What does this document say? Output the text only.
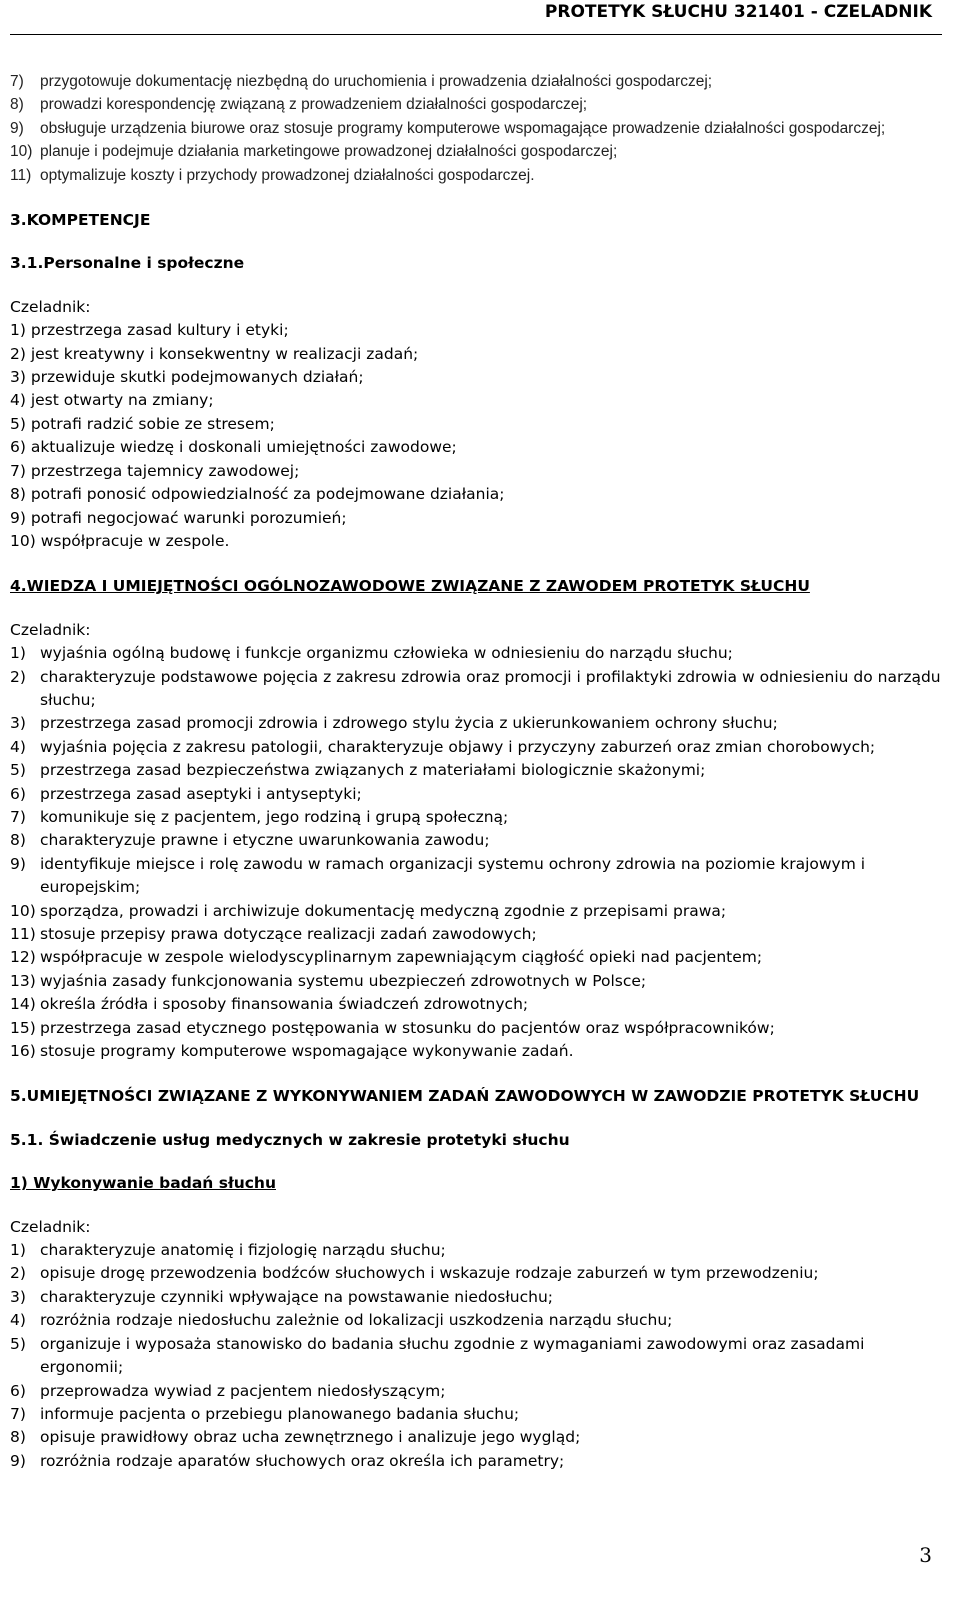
PROTETYK SŁUCHU 321401 - CZELADNIK
7)	przygotowuje dokumentację niezbędną do uruchomienia i prowadzenia działalności gospodarczej;
8)	prowadzi korespondencję związaną z prowadzeniem działalności gospodarczej;
9)	obsługuje urządzenia biurowe oraz stosuje programy komputerowe wspomagające prowadzenie działalności gospodarczej;
10) planuje i podejmuje działania marketingowe prowadzonej działalności gospodarczej;
11) optymalizuje koszty i przychody prowadzonej działalności gospodarczej.

3.KOMPETENCJE

3.1.Personalne i społeczne

Czeladnik:

1) przestrzega zasad kultury i etyki;

2) jest kreatywny i konsekwentny w realizacji zadań;

3) przewiduje skutki podejmowanych działań;

4) jest otwarty na zmiany;

5) potrafi radzić sobie ze stresem;

6) aktualizuje wiedzę i doskonali umiejętności zawodowe;

7) przestrzega tajemnicy zawodowej;

8) potrafi ponosić odpowiedzialność za podejmowane działania;

9) potrafi negocjować warunki porozumień;

10) współpracuje w zespole.

4.WIEDZA I UMIEJĘTNOŚCI OGÓLNOZAWODOWE ZWIĄZANE Z ZAWODEM PROTETYK SŁUCHU

Czeladnik:

1) wyjaśnia ogólną budowę i funkcje organizmu człowieka w odniesieniu do narządu słuchu;
2) charakteryzuje podstawowe pojęcia z zakresu zdrowia oraz promocji i profilaktyki zdrowia w odniesieniu do narządu słuchu;
3) przestrzega zasad promocji zdrowia i zdrowego stylu życia z ukierunkowaniem ochrony słuchu;
4) wyjaśnia pojęcia z zakresu patologii, charakteryzuje objawy i przyczyny zaburzeń oraz zmian chorobowych;
5) przestrzega zasad bezpieczeństwa związanych z materiałami biologicznie skażonymi;
6) przestrzega zasad aseptyki i antyseptyki;
7) komunikuje się z pacjentem, jego rodziną i grupą społeczną;
8) charakteryzuje prawne i etyczne uwarunkowania zawodu;
9) identyfikuje miejsce i rolę zawodu w ramach organizacji systemu ochrony zdrowia na poziomie krajowym i europejskim;
10) sporządza, prowadzi i archiwizuje dokumentację medyczną zgodnie z przepisami prawa;
11) stosuje przepisy prawa dotyczące realizacji zadań zawodowych;
12) współpracuje w zespole wielodyscyplinarnym zapewniającym ciągłość opieki nad pacjentem;
13) wyjaśnia zasady funkcjonowania systemu ubezpieczeń zdrowotnych w Polsce;
14) określa źródła i sposoby finansowania świadczeń zdrowotnych;
15) przestrzega zasad etycznego postępowania w stosunku do pacjentów oraz współpracowników;
16) stosuje programy komputerowe wspomagające wykonywanie zadań.

5.UMIEJĘTNOŚCI ZWIĄZANE Z WYKONYWANIEM ZADAŃ ZAWODOWYCH W ZAWODZIE PROTETYK SŁUCHU

5.1. Świadczenie usług medycznych w zakresie protetyki słuchu

1) Wykonywanie badań słuchu

Czeladnik:

1) charakteryzuje anatomię i fizjologię narządu słuchu;
2) opisuje drogę przewodzenia bodźców słuchowych i wskazuje rodzaje zaburzeń w tym przewodzeniu;
3) charakteryzuje czynniki wpływające na powstawanie niedosłuchu;
4) rozróżnia rodzaje niedosłuchu zależnie od lokalizacji uszkodzenia narządu słuchu;
5) organizuje i wyposaża stanowisko do badania słuchu zgodnie z wymaganiami zawodowymi oraz zasadami ergonomii;
6) przeprowadza wywiad z pacjentem niedosłyszącym;
7) informuje pacjenta o przebiegu planowanego badania słuchu;
8) opisuje prawidłowy obraz ucha zewnętrznego i analizuje jego wygląd;
9) rozróżnia rodzaje aparatów słuchowych oraz określa ich parametry;
3
